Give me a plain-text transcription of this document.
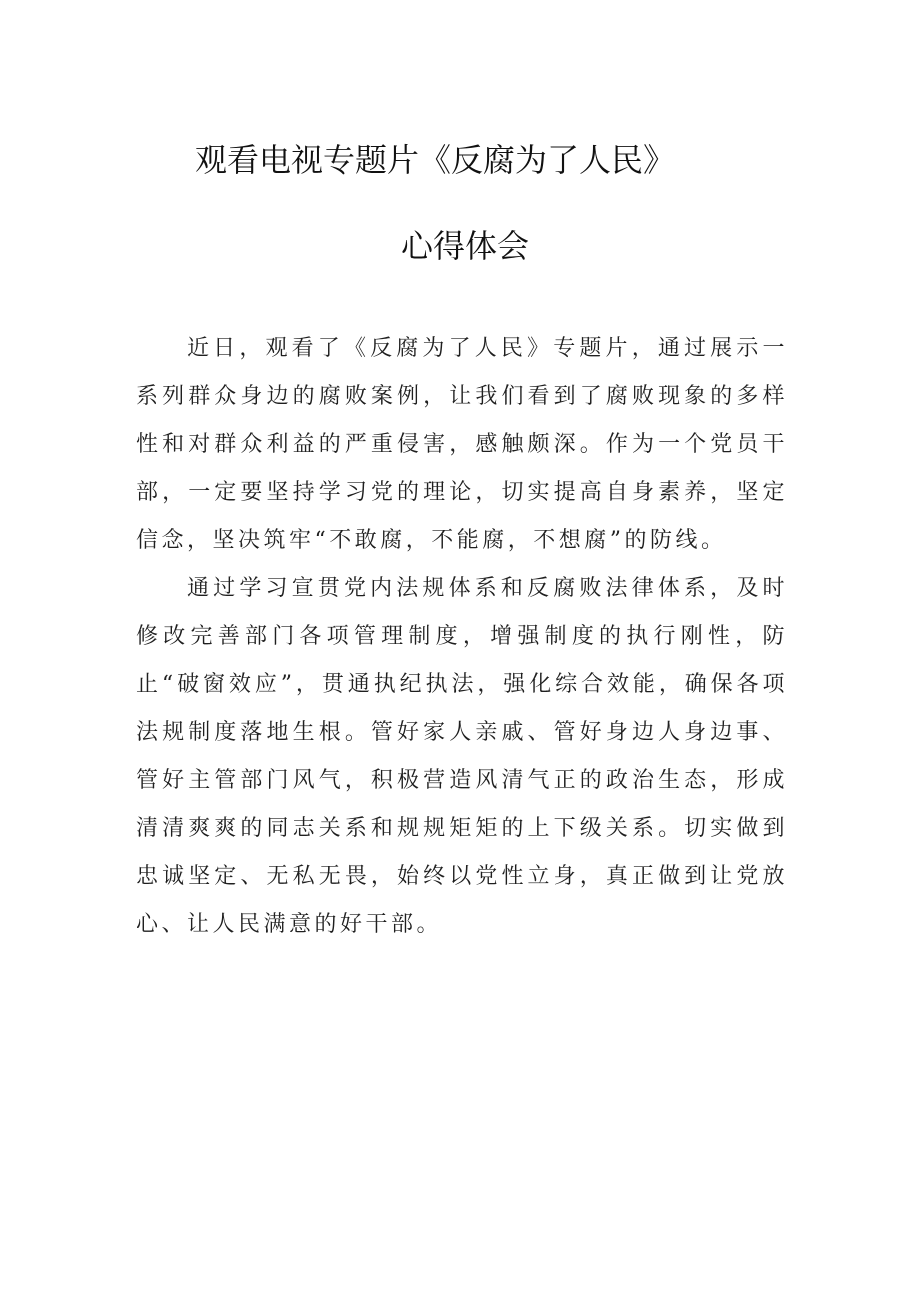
观看电视专题片《反腐为了人民》
心得体会

近日，观看了《反腐为了人民》专题片，通过展示一系列群众身边的腐败案例，让我们看到了腐败现象的多样性和对群众利益的严重侵害，感触颇深。作为一个党员干部，一定要坚持学习党的理论，切实提高自身素养，坚定信念，坚决筑牢“不敢腐，不能腐，不想腐”的防线。

通过学习宣贯党内法规体系和反腐败法律体系，及时修改完善部门各项管理制度，增强制度的执行刚性，防止“破窗效应”，贯通执纪执法，强化综合效能，确保各项法规制度落地生根。管好家人亲戚、管好身边人身边事、管好主管部门风气，积极营造风清气正的政治生态，形成清清爽爽的同志关系和规规矩矩的上下级关系。切实做到忠诚坚定、无私无畏，始终以党性立身，真正做到让党放心、让人民满意的好干部。
